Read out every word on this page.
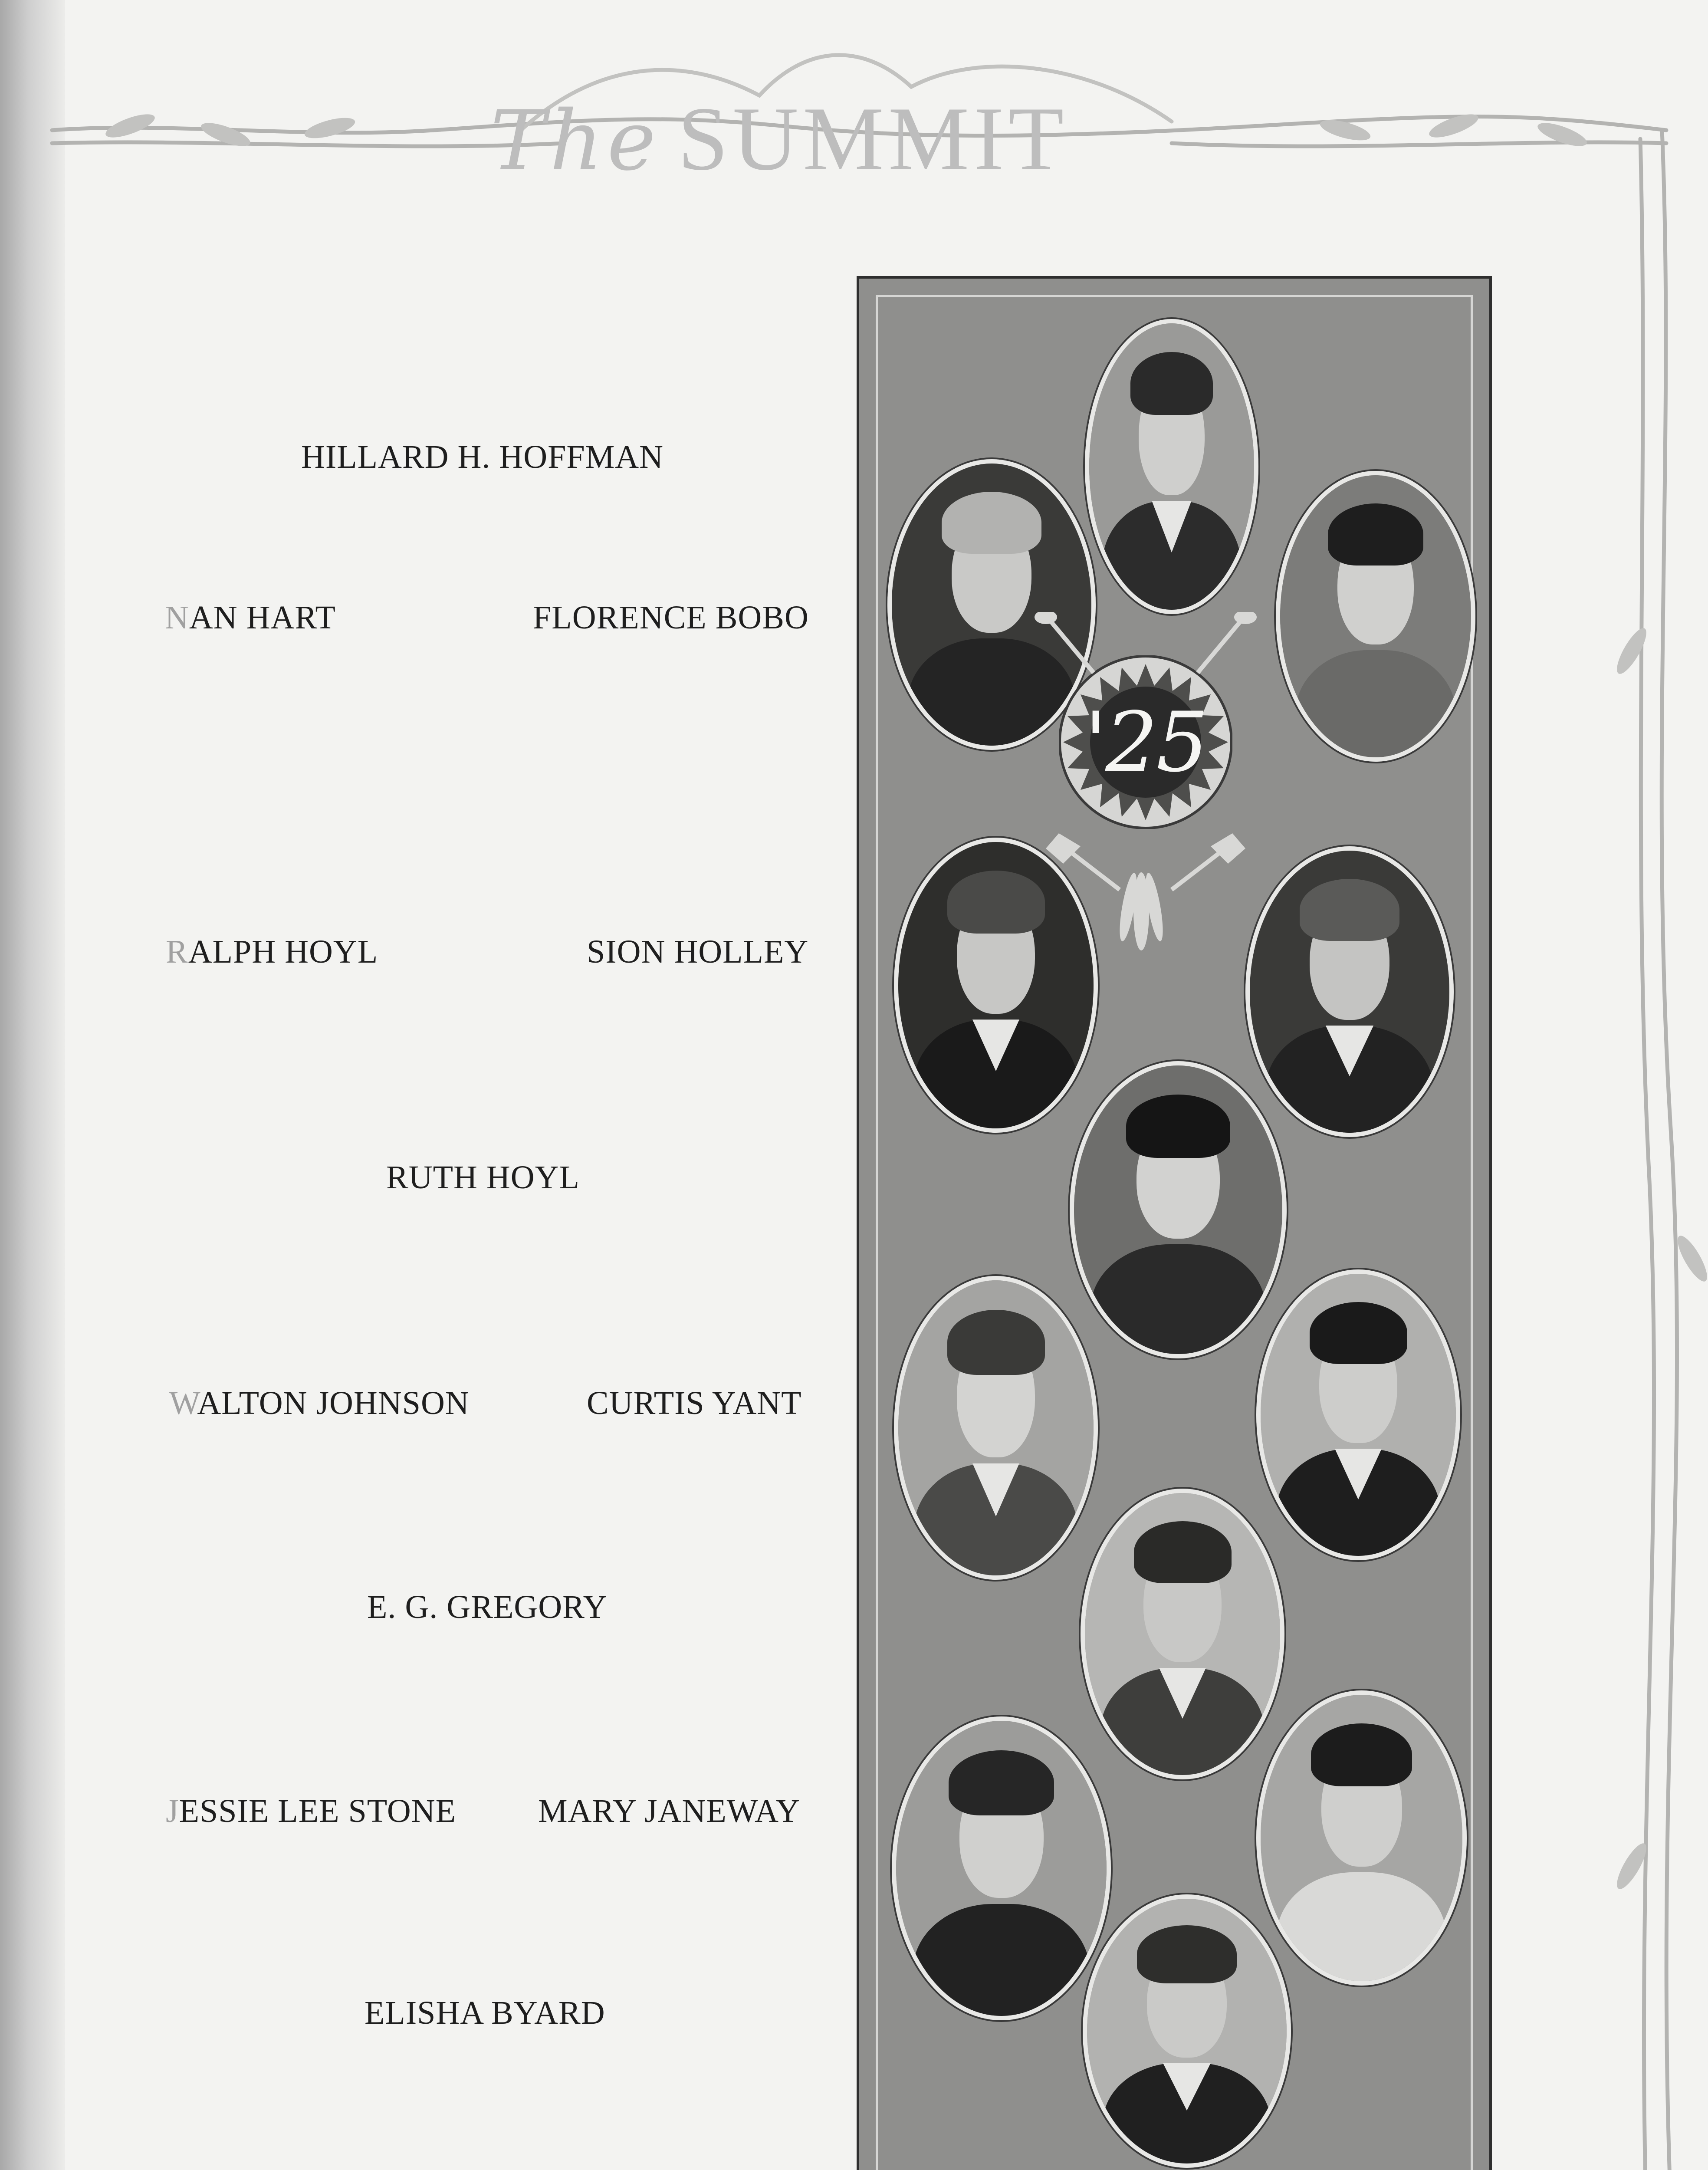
The SUMMIT
HILLARD H. HOFFMAN
NAN HART	FLORENCE BOBO
RALPH HOYL	SION HOLLEY
RUTH HOYL
WALTON JOHNSON	CURTIS YANT
E. G. GREGORY
JESSIE LEE STONE MARY JANEWAY
ELISHA BYARD
'25
